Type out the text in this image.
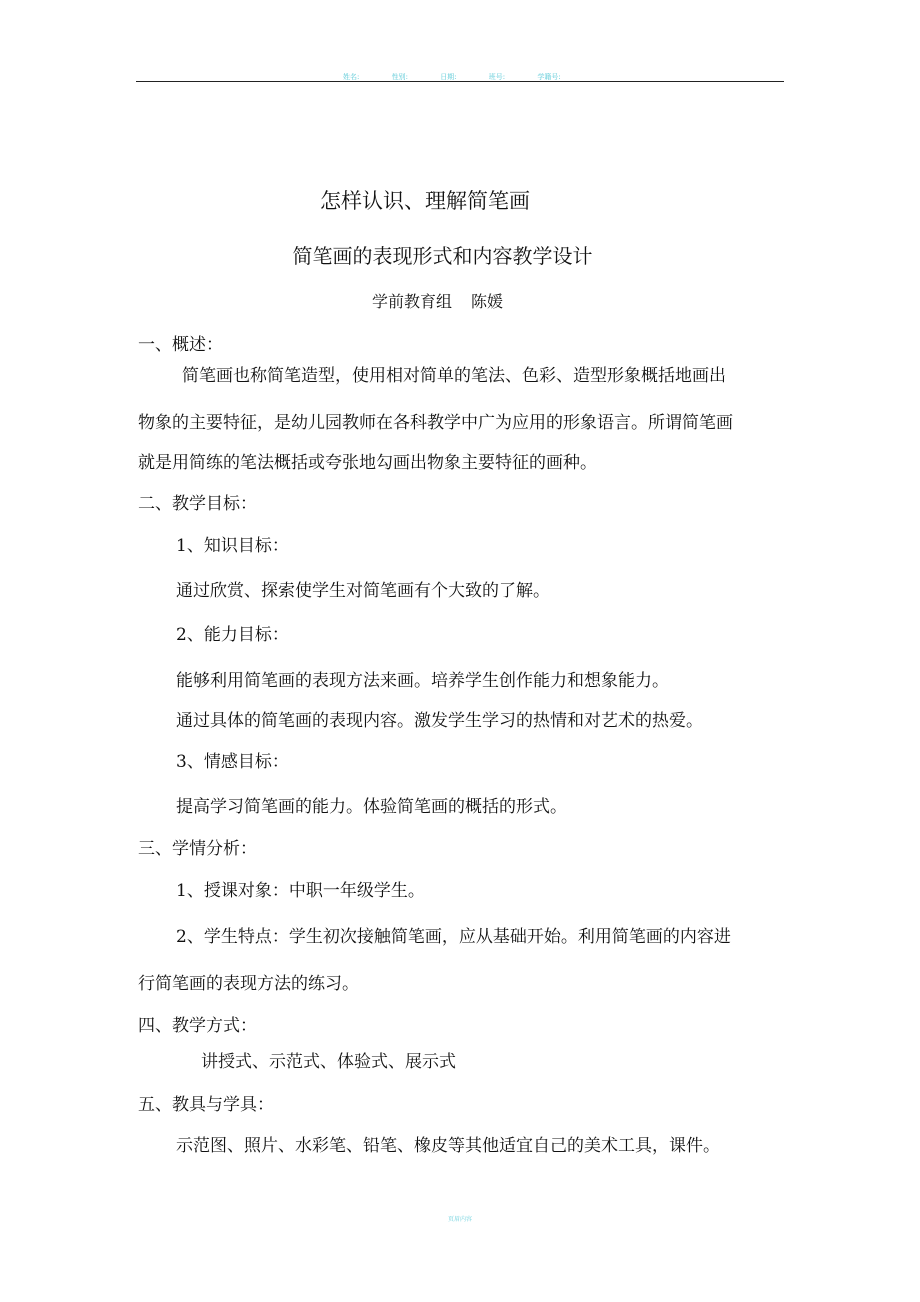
姓名:	性别:	日期:	班号:	学籍号:
怎样认识、理解简笔画
简笔画的表现形式和内容教学设计
学前教育组 陈媛
一、概述：
简笔画也称简笔造型，使用相对简单的笔法、色彩、造型形象概括地画出
物象的主要特征，是幼儿园教师在各科教学中广为应用的形象语言。所谓简笔画
就是用简练的笔法概括或夸张地勾画出物象主要特征的画种。
二、教学目标：
1、知识目标：
通过欣赏、探索使学生对简笔画有个大致的了解。
2、能力目标：
能够利用简笔画的表现方法来画。培养学生创作能力和想象能力。
通过具体的简笔画的表现内容。激发学生学习的热情和对艺术的热爱。
3、情感目标：
提高学习简笔画的能力。体验简笔画的概括的形式。
三、学情分析：
1、授课对象：中职一年级学生。
2、学生特点：学生初次接触简笔画，应从基础开始。利用简笔画的内容进
行简笔画的表现方法的练习。
四、教学方式：
讲授式、示范式、体验式、展示式
五、教具与学具：
示范图、照片、水彩笔、铅笔、橡皮等其他适宜自己的美术工具，课件。
页眉内容
